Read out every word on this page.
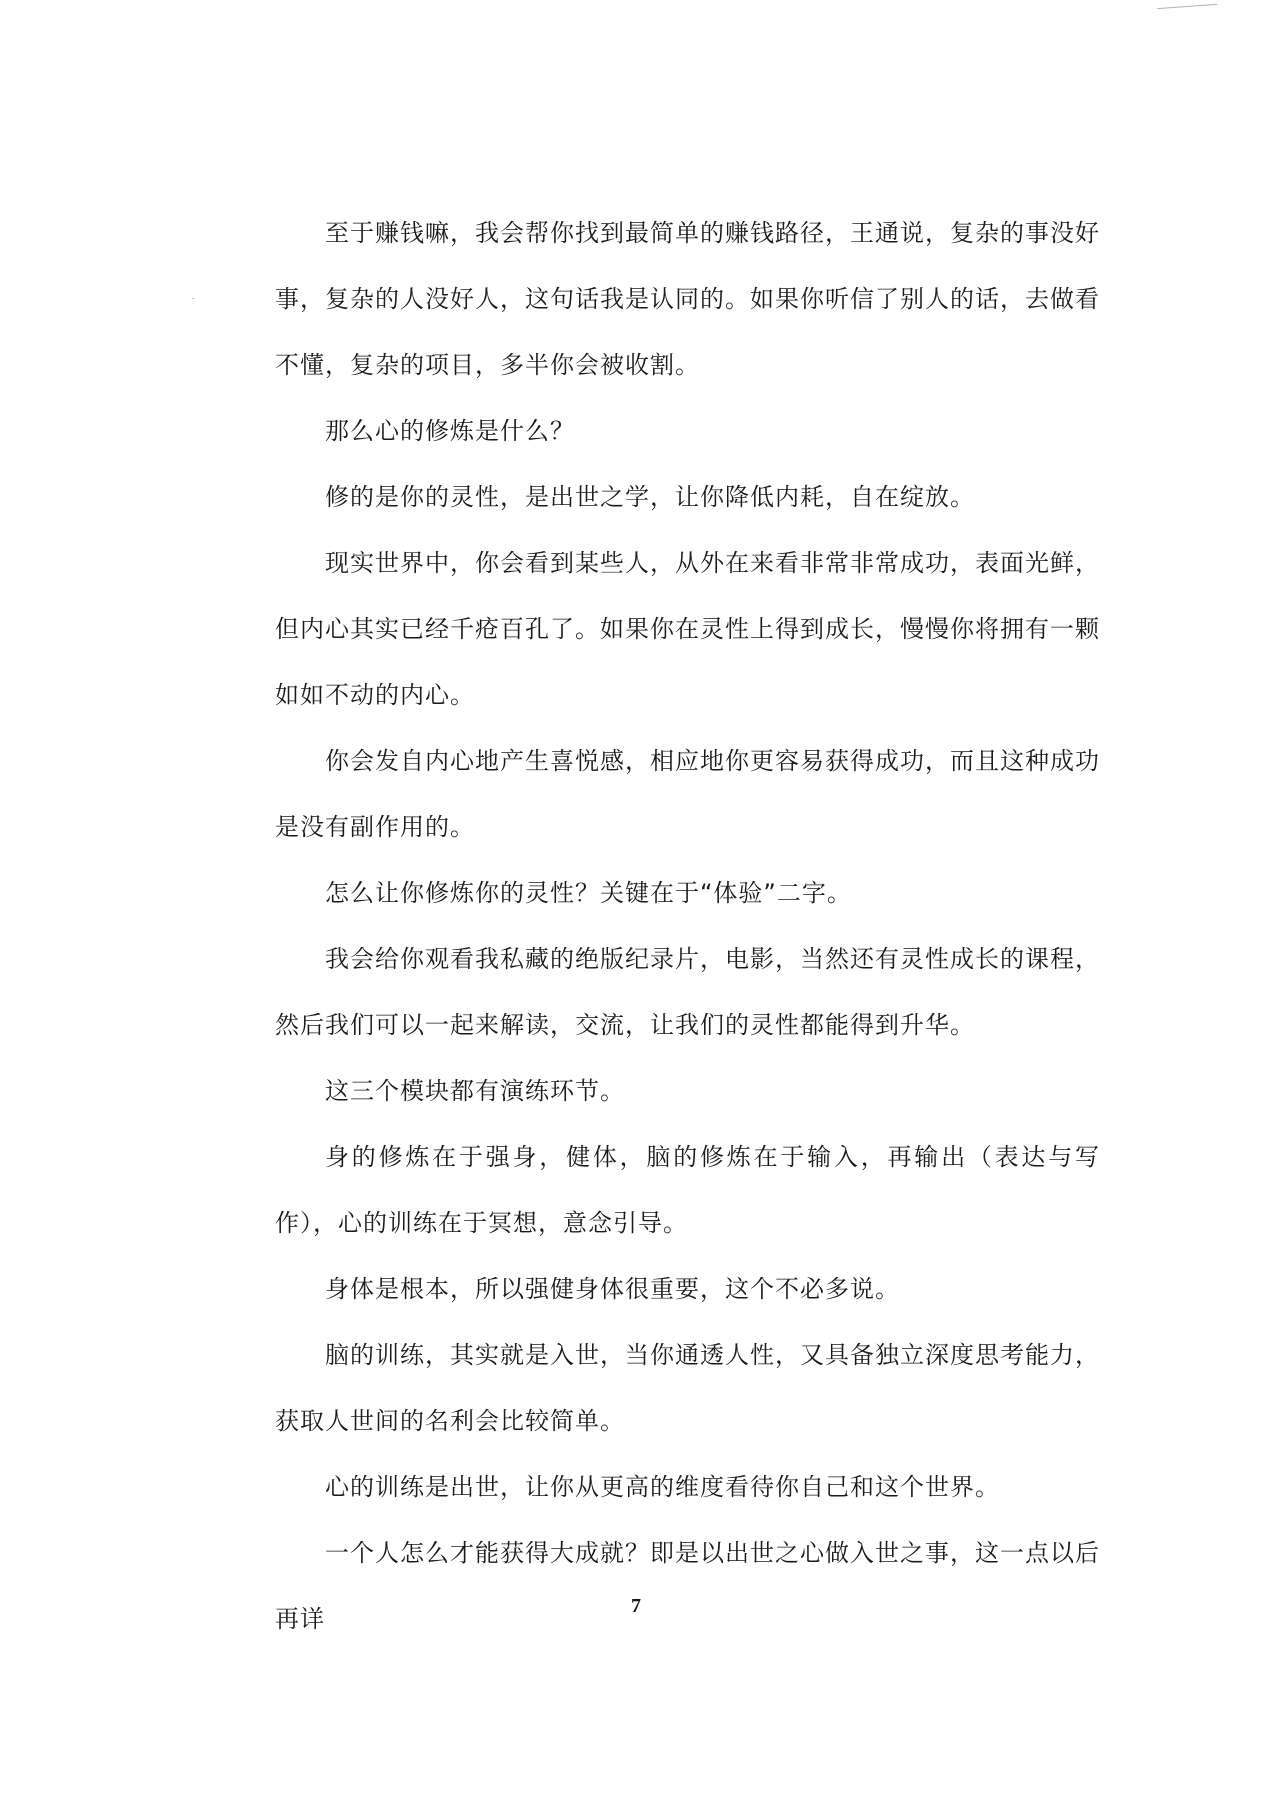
至于赚钱嘛，我会帮你找到最简单的赚钱路径，王通说，复杂的事没好事，复杂的人没好人，这句话我是认同的。如果你听信了别人的话，去做看不懂，复杂的项目，多半你会被收割。

那么心的修炼是什么？

修的是你的灵性，是出世之学，让你降低内耗，自在绽放。

现实世界中，你会看到某些人，从外在来看非常非常成功，表面光鲜，但内心其实已经千疮百孔了。如果你在灵性上得到成长，慢慢你将拥有一颗如如不动的内心。

你会发自内心地产生喜悦感，相应地你更容易获得成功，而且这种成功是没有副作用的。

怎么让你修炼你的灵性？关键在于“体验”二字。

我会给你观看我私藏的绝版纪录片，电影，当然还有灵性成长的课程，然后我们可以一起来解读，交流，让我们的灵性都能得到升华。

这三个模块都有演练环节。

身的修炼在于强身，健体，脑的修炼在于输入，再输出（表达与写作），心的训练在于冥想，意念引导。

身体是根本，所以强健身体很重要，这个不必多说。

脑的训练，其实就是入世，当你通透人性，又具备独立深度思考能力，获取人世间的名利会比较简单。

心的训练是出世，让你从更高的维度看待你自己和这个世界。

一个人怎么才能获得大成就？即是以出世之心做入世之事，这一点以后再详	7
